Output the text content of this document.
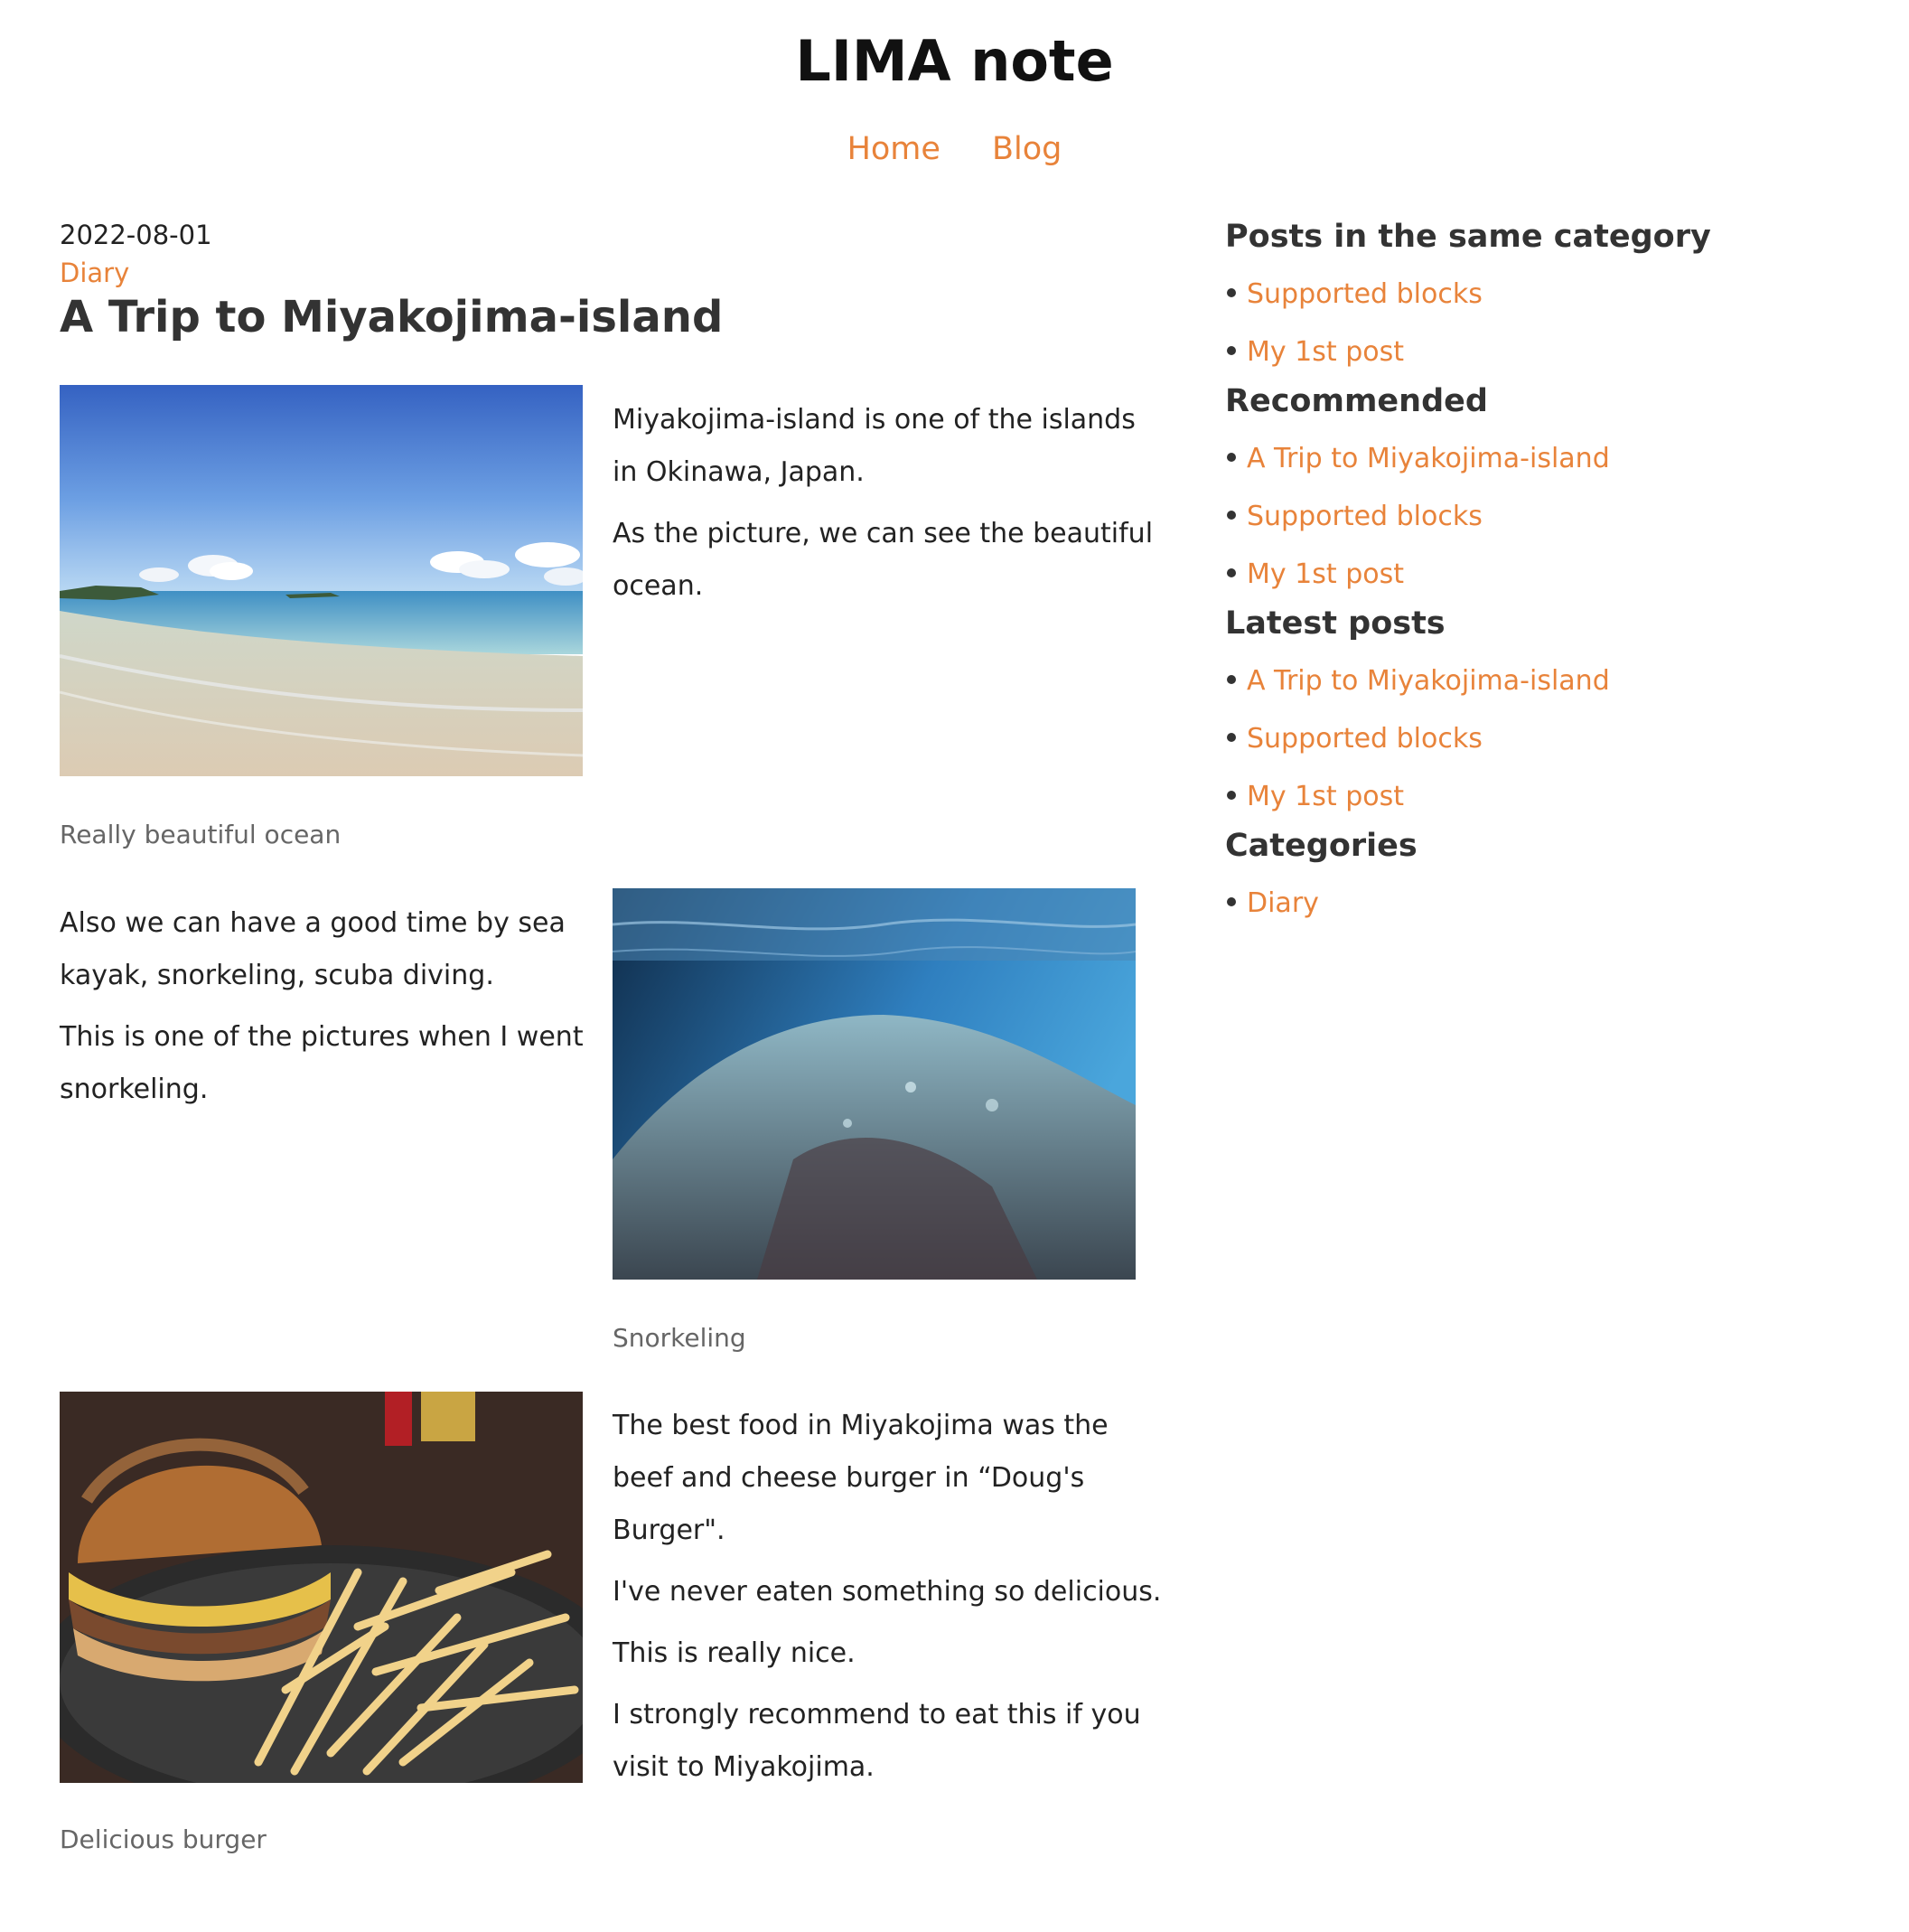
LIMA note
Home Blog
2022-08-01
Diary
A Trip to Miyakojima-island
Really beautiful ocean

Miyakojima-island is one of the islands in Okinawa, Japan.

As the picture, we can see the beautiful ocean.

Also we can have a good time by sea kayak, snorkeling, scuba diving.

This is one of the pictures when I went snorkeling.

Snorkeling
Delicious burger

The best food in Miyakojima was the beef and cheese burger in “Doug's Burger".

I've never eaten something so delicious.

This is really nice.

I strongly recommend to eat this if you visit to Miyakojima.

Posts in the same category
Supported blocks
My 1st post
Recommended
A Trip to Miyakojima-island
Supported blocks
My 1st post
Latest posts
A Trip to Miyakojima-island
Supported blocks
My 1st post
Categories
Diary
